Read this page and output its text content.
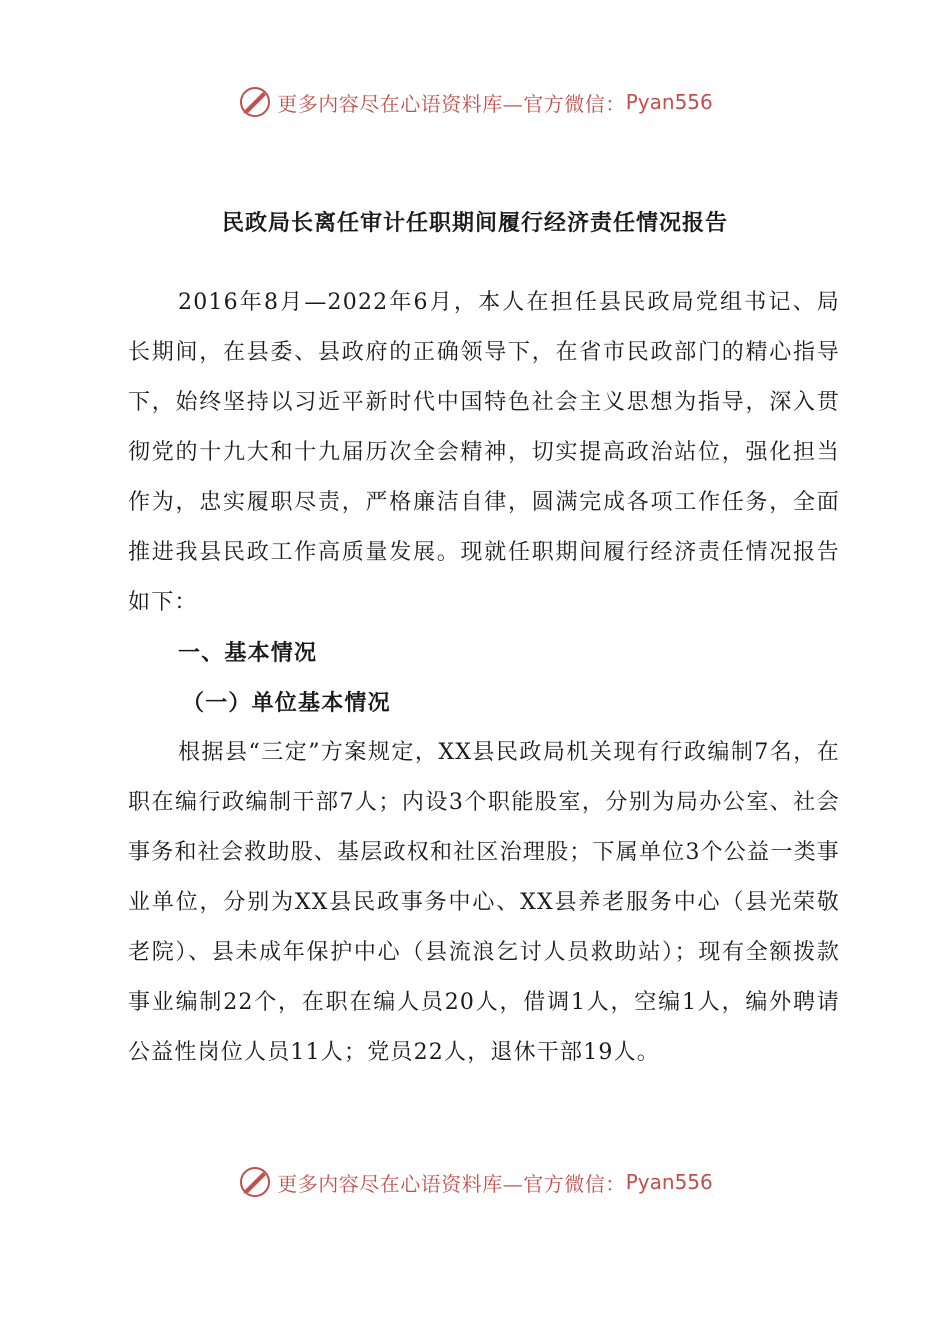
更多内容尽在心语资料库—官方微信： Pyan556
民政局长离任审计任职期间履行经济责任情况报告

2016年8月—2022年6月，本人在担任县民政局党组书记、局长期间，在县委、县政府的正确领导下，在省市民政部门的精心指导下，始终坚持以习近平新时代中国特色社会主义思想为指导，深入贯彻党的十九大和十九届历次全会精神，切实提高政治站位，强化担当作为，忠实履职尽责，严格廉洁自律，圆满完成各项工作任务，全面推进我县民政工作高质量发展。现就任职期间履行经济责任情况报告如下：

一、基本情况

（一）单位基本情况

根据县“三定”方案规定，XX县民政局机关现有行政编制7名，在职在编行政编制干部7人；内设3个职能股室，分别为局办公室、社会事务和社会救助股、基层政权和社区治理股；下属单位3个公益一类事业单位，分别为XX县民政事务中心、XX县养老服务中心（县光荣敬老院）、县未成年保护中心（县流浪乞讨人员救助站）；现有全额拨款事业编制22个，在职在编人员20人，借调1人，空编1人，编外聘请公益性岗位人员11人；党员22人，退休干部19人。

更多内容尽在心语资料库—官方微信： Pyan556
